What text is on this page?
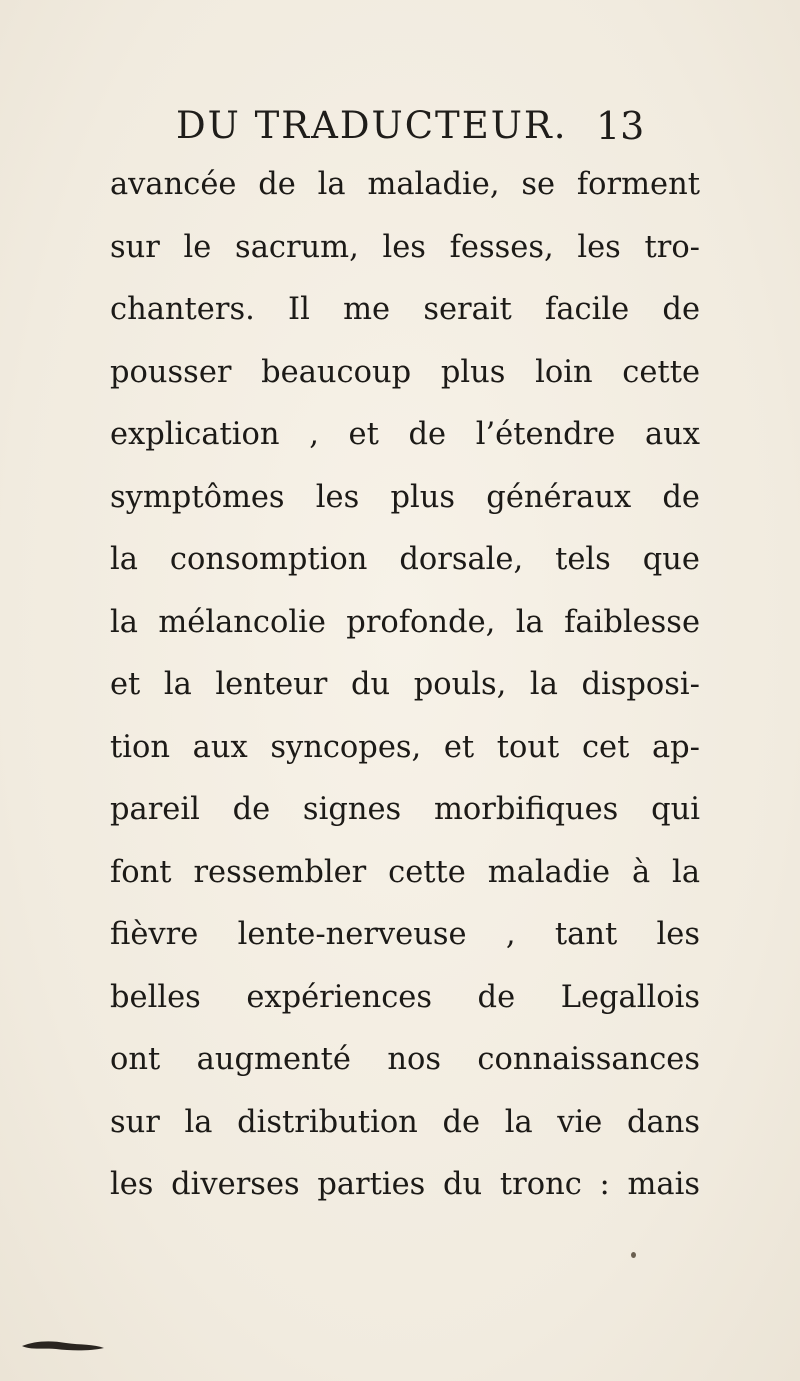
DU TRADUCTEUR. 13
avancée de la maladie, se forment
sur le sacrum, les fesses, les tro-
chanters. Il me serait facile de
pousser beaucoup plus loin cette
explication , et de l’étendre aux
symptômes les plus généraux de
la consomption dorsale, tels que
la mélancolie profonde, la faiblesse
et la lenteur du pouls, la disposi-
tion aux syncopes, et tout cet ap-
pareil de signes morbifiques qui
font ressembler cette maladie à la
fièvre lente-nerveuse , tant les
belles expériences de Legallois
ont augmenté nos connaissances
sur la distribution de la vie dans
les diverses parties du tronc : mais
